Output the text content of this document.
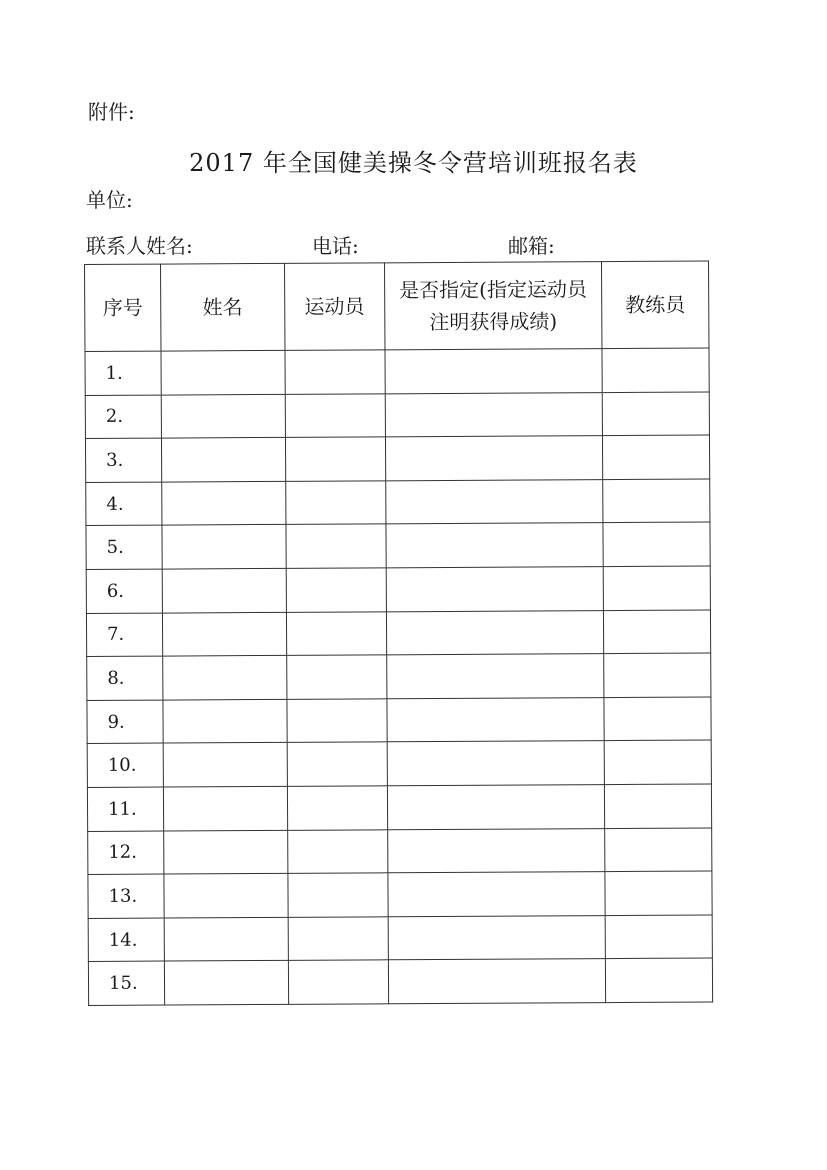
附件:
2017 年全国健美操冬令营培训班报名表
单位:
联系人姓名:	电话:	邮箱:
序号	姓名	运动员	是否指定(指定运动员注明获得成绩)	教练员
1.				
2.				
3.				
4.				
5.				
6.				
7.				
8.				
9.				
10.				
11.				
12.				
13.				
14.				
15.				
